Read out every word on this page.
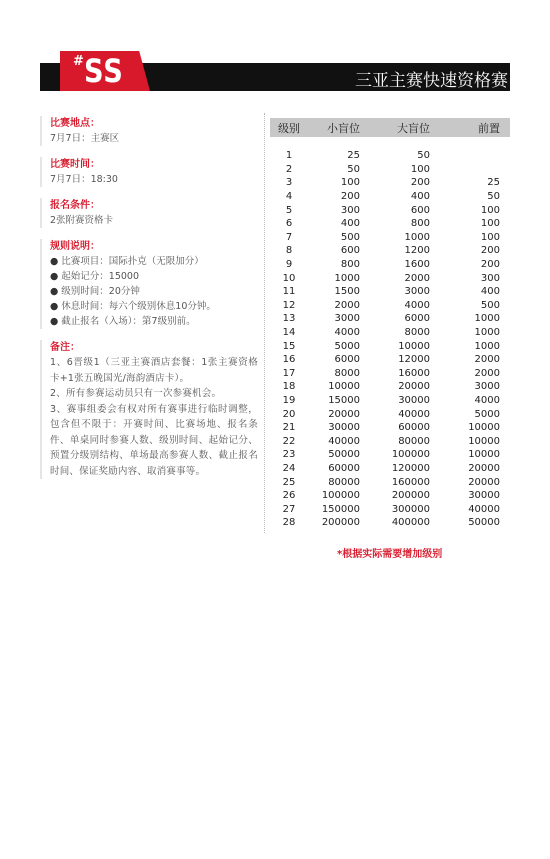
# SS	三亚主赛快速资格赛
比赛地点：
7月7日：主赛区
比赛时间：
7月7日：18:30
报名条件：
2张附赛资格卡
规则说明：
● 比赛项目：国际扑克（无限加分）
● 起始记分：15000
● 级别时间：20分钟
● 休息时间：每六个级别休息10分钟。
● 截止报名（入场）：第7级别前。
备注：

1、6晋级1（三亚主赛酒店套餐：1张主赛资格卡+1张五晚国光/海韵酒店卡）。

2、所有参赛运动员只有一次参赛机会。

3、赛事组委会有权对所有赛事进行临时调整，包含但不限于：开赛时间、比赛场地、报名条件、单桌同时参赛人数、级别时间、起始记分、预置分级别结构、单场最高参赛人数、截止报名时间、保证奖励内容、取消赛事等。

级别	小盲位	大盲位	前置
1	25	50
2	50	100
3	100	200	25
4	200	400	50
5	300	600	100
6	400	800	100
7	500	1000	100
8	600	1200	200
9	800	1600	200
10	1000	2000	300
11	1500	3000	400
12	2000	4000	500
13	3000	6000	1000
14	4000	8000	1000
15	5000	10000	1000
16	6000	12000	2000
17	8000	16000	2000
18	10000	20000	3000
19	15000	30000	4000
20	20000	40000	5000
21	30000	60000	10000
22	40000	80000	10000
23	50000	100000	10000
24	60000	120000	20000
25	80000	160000	20000
26	100000	200000	30000
27	150000	300000	40000
28	200000	400000	50000
*根据实际需要增加级别
